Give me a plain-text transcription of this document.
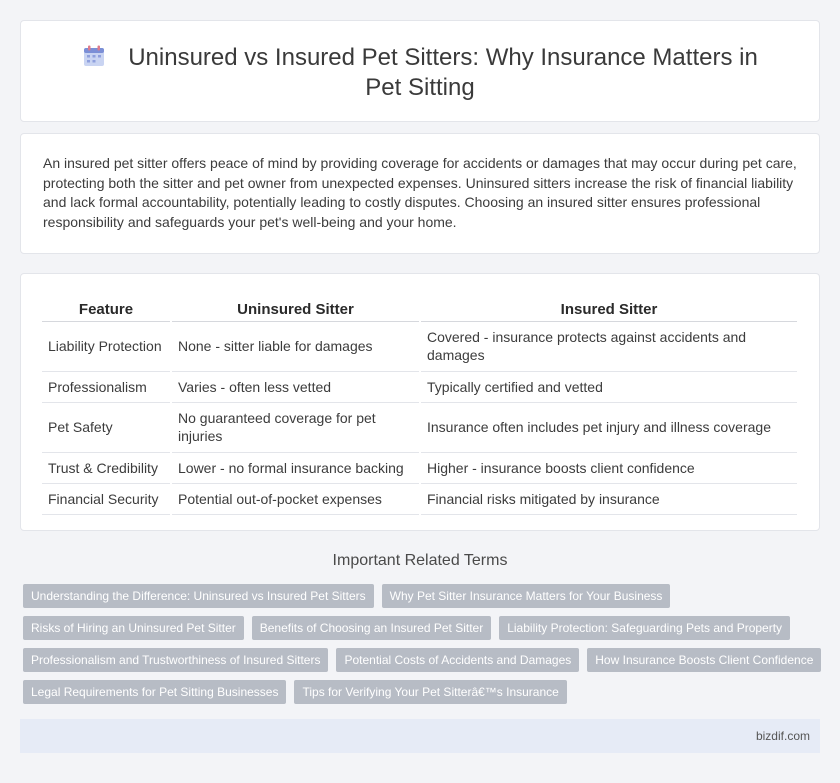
Uninsured vs Insured Pet Sitters: Why Insurance Matters in Pet Sitting

An insured pet sitter offers peace of mind by providing coverage for accidents or damages that may occur during pet care, protecting both the sitter and pet owner from unexpected expenses. Uninsured sitters increase the risk of financial liability and lack formal accountability, potentially leading to costly disputes. Choosing an insured sitter ensures professional responsibility and safeguards your pet's well-being and your home.

Feature	Uninsured Sitter	Insured Sitter
Liability Protection	None - sitter liable for damages	Covered - insurance protects against accidents and damages
Professionalism	Varies - often less vetted	Typically certified and vetted
Pet Safety	No guaranteed coverage for pet injuries	Insurance often includes pet injury and illness coverage
Trust & Credibility	Lower - no formal insurance backing	Higher - insurance boosts client confidence
Financial Security	Potential out-of-pocket expenses	Financial risks mitigated by insurance
Important Related Terms
Understanding the Difference: Uninsured vs Insured Pet Sitters	Why Pet Sitter Insurance Matters for Your Business
Risks of Hiring an Uninsured Pet Sitter	Benefits of Choosing an Insured Pet Sitter	Liability Protection: Safeguarding Pets and Property
Professionalism and Trustworthiness of Insured Sitters	Potential Costs of Accidents and Damages	How Insurance Boosts Client Confidence
Legal Requirements for Pet Sitting Businesses	Tips for Verifying Your Pet Sitterâ€™s Insurance
bizdif.com
